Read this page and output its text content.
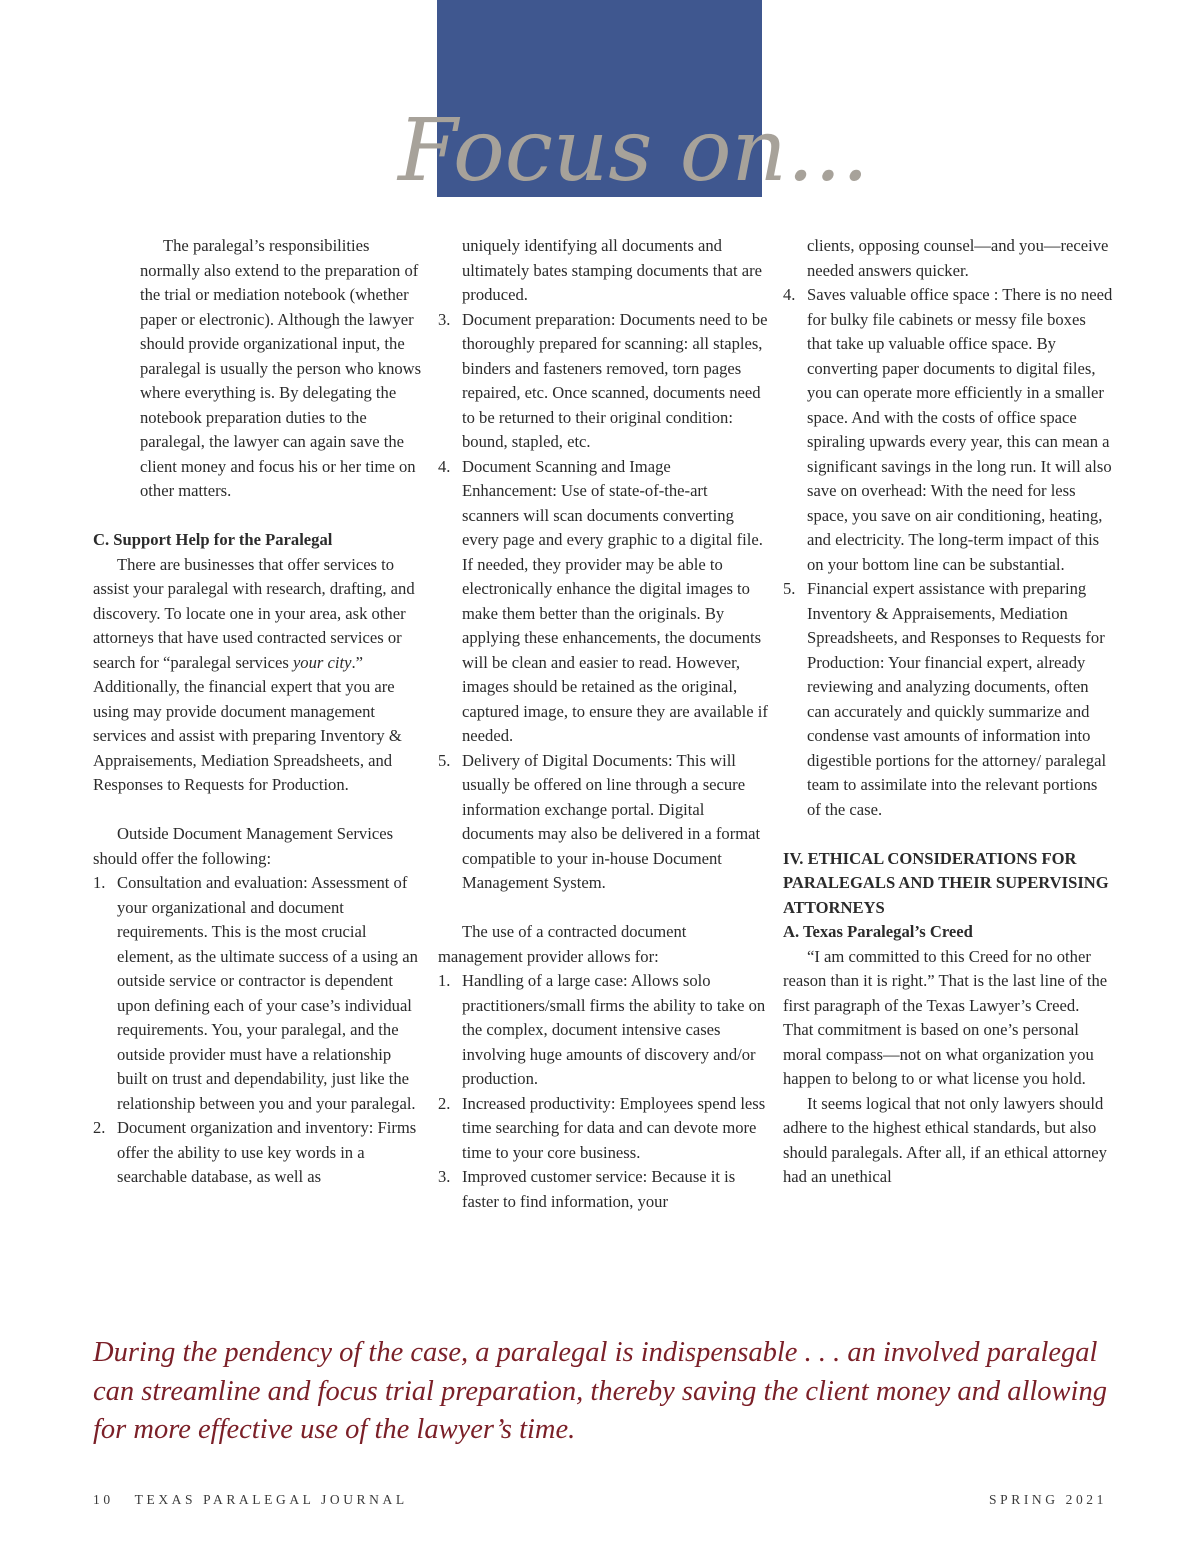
Focus on...

The paralegal’s responsibilities normally also extend to the preparation of the trial or mediation notebook (whether paper or electronic). Although the lawyer should provide organizational input, the paralegal is usually the person who knows where everything is. By delegating the notebook preparation duties to the paralegal, the lawyer can again save the client money and focus his or her time on other matters.

C. Support Help for the Paralegal

There are businesses that offer services to assist your paralegal with research, drafting, and discovery. To locate one in your area, ask other attorneys that have used contracted services or search for “paralegal services your city.” Additionally, the financial expert that you are using may provide document management services and assist with preparing Inventory & Appraisements, Mediation Spreadsheets, and Responses to Requests for Production.

Outside Document Management Services should offer the following:

1. Consultation and evaluation: Assessment of your organizational and document requirements. This is the most crucial element, as the ultimate success of a using an outside service or contractor is dependent upon defining each of your case’s individual requirements. You, your paralegal, and the outside provider must have a relationship built on trust and dependability, just like the relationship between you and your paralegal.
2. Document organization and inventory: Firms offer the ability to use key words in a searchable database, as well as

uniquely identifying all documents and ultimately bates stamping documents that are produced.

3. Document preparation: Documents need to be thoroughly prepared for scanning: all staples, binders and fasteners removed, torn pages repaired, etc. Once scanned, documents need to be returned to their original condition: bound, stapled, etc.
4. Document Scanning and Image Enhancement: Use of state-of-the-art scanners will scan documents converting every page and every graphic to a digital file. If needed, they provider may be able to electronically enhance the digital images to make them better than the originals. By applying these enhancements, the documents will be clean and easier to read. However, images should be retained as the original, captured image, to ensure they are available if needed.
5. Delivery of Digital Documents: This will usually be offered on line through a secure information exchange portal. Digital documents may also be delivered in a format compatible to your in-house Document Management System.

The use of a contracted document management provider allows for:

1. Handling of a large case: Allows solo practitioners/small firms the ability to take on the complex, document intensive cases involving huge amounts of discovery and/or production.
2. Increased productivity: Employees spend less time searching for data and can devote more time to your core business.
3. Improved customer service: Because it is faster to find information, your

clients, opposing counsel—and you—receive needed answers quicker.

4. Saves valuable office space : There is no need for bulky file cabinets or messy file boxes that take up valuable office space. By converting paper documents to digital files, you can operate more efficiently in a smaller space. And with the costs of office space spiraling upwards every year, this can mean a significant savings in the long run. It will also save on overhead: With the need for less space, you save on air conditioning, heating, and electricity. The long-term impact of this on your bottom line can be substantial.
5. Financial expert assistance with preparing Inventory & Appraisements, Mediation Spreadsheets, and Responses to Requests for Production: Your financial expert, already reviewing and analyzing documents, often can accurately and quickly summarize and condense vast amounts of information into digestible portions for the attorney/ paralegal team to assimilate into the relevant portions of the case.

IV. ETHICAL CONSIDERATIONS FOR PARALEGALS AND THEIR SUPERVISING ATTORNEYS

A. Texas Paralegal’s Creed

“I am committed to this Creed for no other reason than it is right.” That is the last line of the first paragraph of the Texas Lawyer’s Creed. That commitment is based on one’s personal moral compass—not on what organization you happen to belong to or what license you hold.

It seems logical that not only lawyers should adhere to the highest ethical standards, but also should paralegals. After all, if an ethical attorney had an unethical

During the pendency of the case, a paralegal is indispensable . . . an involved paralegal can streamline and focus trial preparation, thereby saving the client money and allowing for more effective use of the lawyer’s time.

10 TEXAS PARALEGAL JOURNAL	SPRING 2021
